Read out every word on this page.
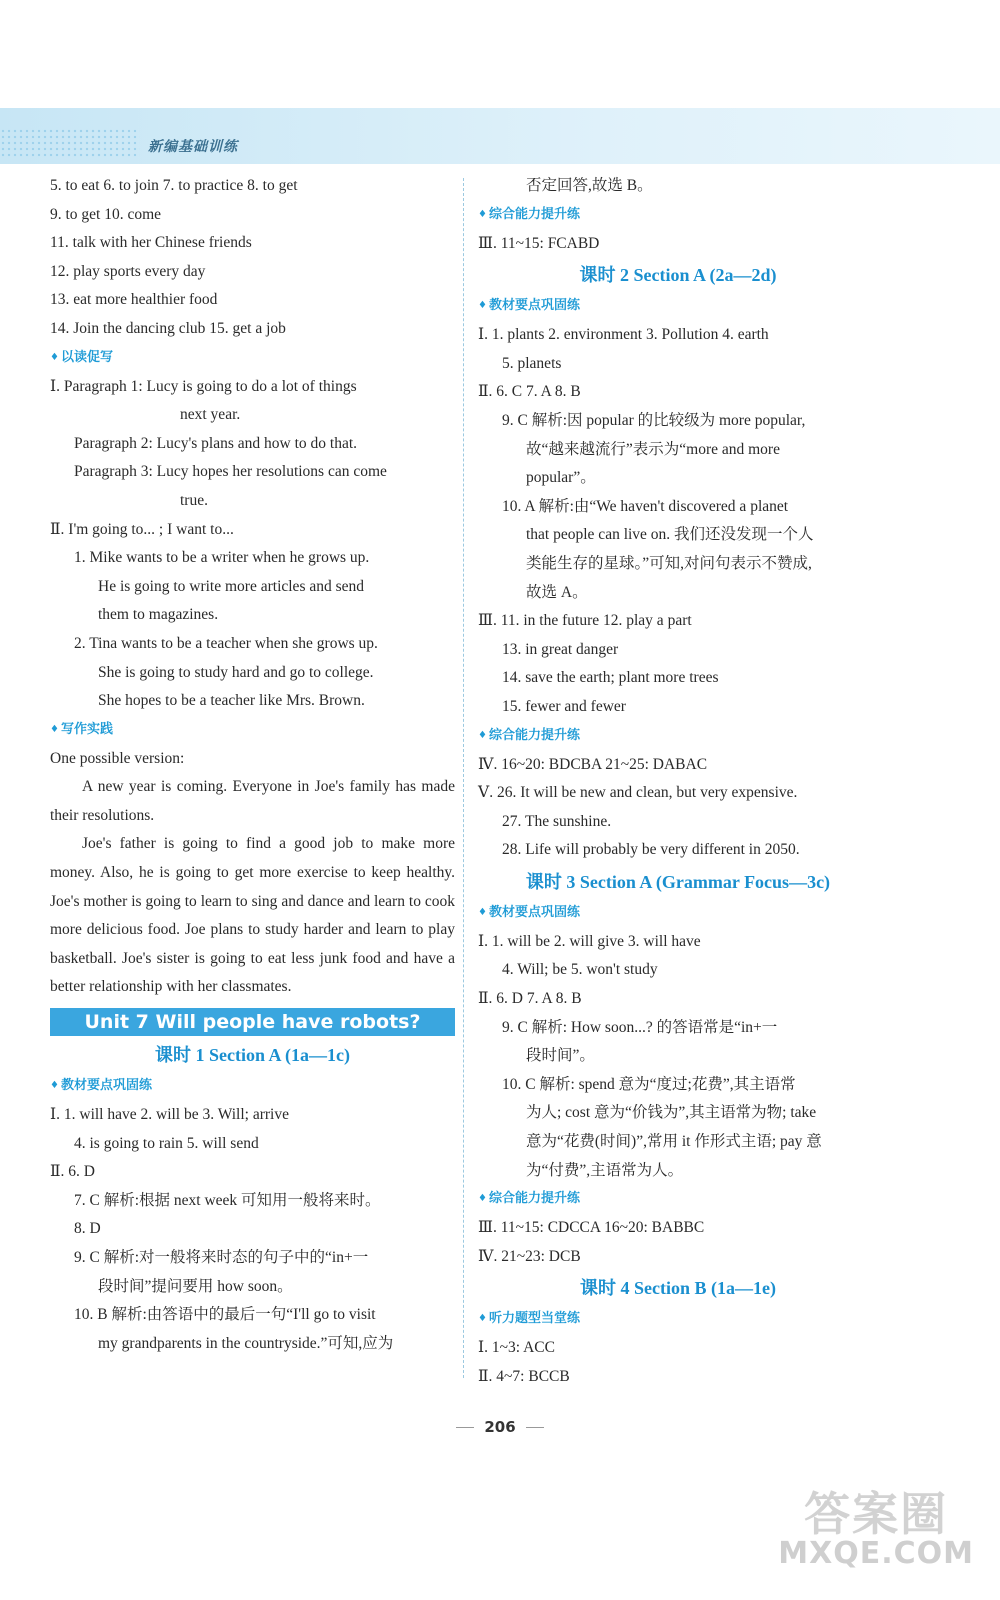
新编基础训练
5. to eat 6. to join 7. to practice 8. to get
9. to get 10. come
11. talk with her Chinese friends
12. play sports every day
13. eat more healthier food
14. Join the dancing club 15. get a job
♦ 以读促写
Ⅰ. Paragraph 1: Lucy is going to do a lot of things
next year.
Paragraph 2: Lucy's plans and how to do that.
Paragraph 3: Lucy hopes her resolutions can come
true.
Ⅱ. I'm going to... ; I want to...
1. Mike wants to be a writer when he grows up.
He is going to write more articles and send
them to magazines.
2. Tina wants to be a teacher when she grows up.
She is going to study hard and go to college.
She hopes to be a teacher like Mrs. Brown.
♦ 写作实践
One possible version:
A new year is coming. Everyone in Joe's family has made their resolutions.
Joe's father is going to find a good job to make more money. Also, he is going to get more exercise to keep healthy. Joe's mother is going to learn to sing and dance and learn to cook more delicious food. Joe plans to study harder and learn to play basketball. Joe's sister is going to eat less junk food and have a better relationship with her classmates.
Unit 7 Will people have robots?
课时 1 Section A (1a—1c)
♦ 教材要点巩固练
Ⅰ. 1. will have 2. will be 3. Will; arrive
4. is going to rain 5. will send
Ⅱ. 6. D
7. C 解析:根据 next week 可知用一般将来时。
8. D
9. C 解析:对一般将来时态的句子中的“in+一
段时间”提问要用 how soon。
10. B 解析:由答语中的最后一句“I'll go to visit
my grandparents in the countryside.”可知,应为
否定回答,故选 B。
♦ 综合能力提升练
Ⅲ. 11~15: FCABD
课时 2 Section A (2a—2d)
♦ 教材要点巩固练
Ⅰ. 1. plants 2. environment 3. Pollution 4. earth
5. planets
Ⅱ. 6. C 7. A 8. B
9. C 解析:因 popular 的比较级为 more popular,
故“越来越流行”表示为“more and more
popular”。
10. A 解析:由“We haven't discovered a planet
that people can live on. 我们还没发现一个人
类能生存的星球。”可知,对问句表示不赞成,
故选 A。
Ⅲ. 11. in the future 12. play a part
13. in great danger
14. save the earth; plant more trees
15. fewer and fewer
♦ 综合能力提升练
Ⅳ. 16~20: BDCBA 21~25: DABAC
Ⅴ. 26. It will be new and clean, but very expensive.
27. The sunshine.
28. Life will probably be very different in 2050.
课时 3 Section A (Grammar Focus—3c)
♦ 教材要点巩固练
Ⅰ. 1. will be 2. will give 3. will have
4. Will; be 5. won't study
Ⅱ. 6. D 7. A 8. B
9. C 解析: How soon...? 的答语常是“in+一
段时间”。
10. C 解析: spend 意为“度过;花费”,其主语常
为人; cost 意为“价钱为”,其主语常为物; take
意为“花费(时间)”,常用 it 作形式主语; pay 意
为“付费”,主语常为人。
♦ 综合能力提升练
Ⅲ. 11~15: CDCCA 16~20: BABBC
Ⅳ. 21~23: DCB
课时 4 Section B (1a—1e)
♦ 听力题型当堂练
Ⅰ. 1~3: ACC
Ⅱ. 4~7: BCCB
206
答案圈
MXQE.COM
